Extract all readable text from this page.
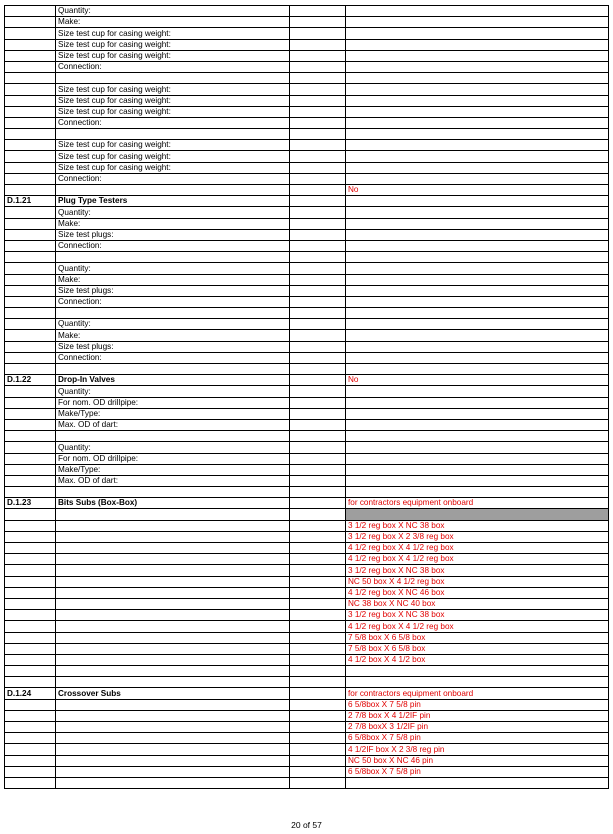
	Quantity:		
	Make:		
	Size test cup for casing weight:		
	Size test cup for casing weight:		
	Size test cup for casing weight:		
	Connection:		

	Size test cup for casing weight:		
	Size test cup for casing weight:		
	Size test cup for casing weight:		
	Connection:		

	Size test cup for casing weight:		
	Size test cup for casing weight:		
	Size test cup for casing weight:		
	Connection:		
			No
D.1.21	Plug Type Testers		
	Quantity:		
	Make:		
	Size test plugs:		
	Connection:		

	Quantity:		
	Make:		
	Size test plugs:		
	Connection:		

	Quantity:		
	Make:		
	Size test plugs:		
	Connection:		

D.1.22	Drop-In Valves		No
	Quantity:		
	For nom. OD drillpipe:		
	Make/Type:		
	Max. OD of dart:		

	Quantity:		
	For nom. OD drillpipe:		
	Make/Type:		
	Max. OD of dart:		

D.1.23	Bits Subs (Box-Box)		for contractors equipment onboard

			3 1/2 reg box X NC 38 box
			3 1/2 reg box X 2 3/8 reg box
			4 1/2 reg box X 4 1/2 reg box
			4 1/2 reg box X 4 1/2 reg box
			3 1/2 reg box X NC 38 box
			NC 50 box X 4 1/2 reg box
			4 1/2 reg box X NC 46 box
			NC 38 box X NC 40 box
			3 1/2 reg box X NC 38 box
			4 1/2 reg box X 4 1/2 reg box
			7 5/8 box X 6 5/8 box
			7 5/8 box X 6 5/8 box
			4 1/2 box X 4 1/2 box

D.1.24	Crossover Subs		for contractors equipment onboard
			6 5/8box X 7 5/8 pin
			2 7/8 box X 4 1/2IF pin
			2 7/8 boxX 3 1/2IF pin
			6 5/8box X 7 5/8 pin
			4 1/2IF box X 2 3/8 reg pin
			NC 50 box X NC 46 pin
			6 5/8box X 7 5/8 pin

20 of 57
